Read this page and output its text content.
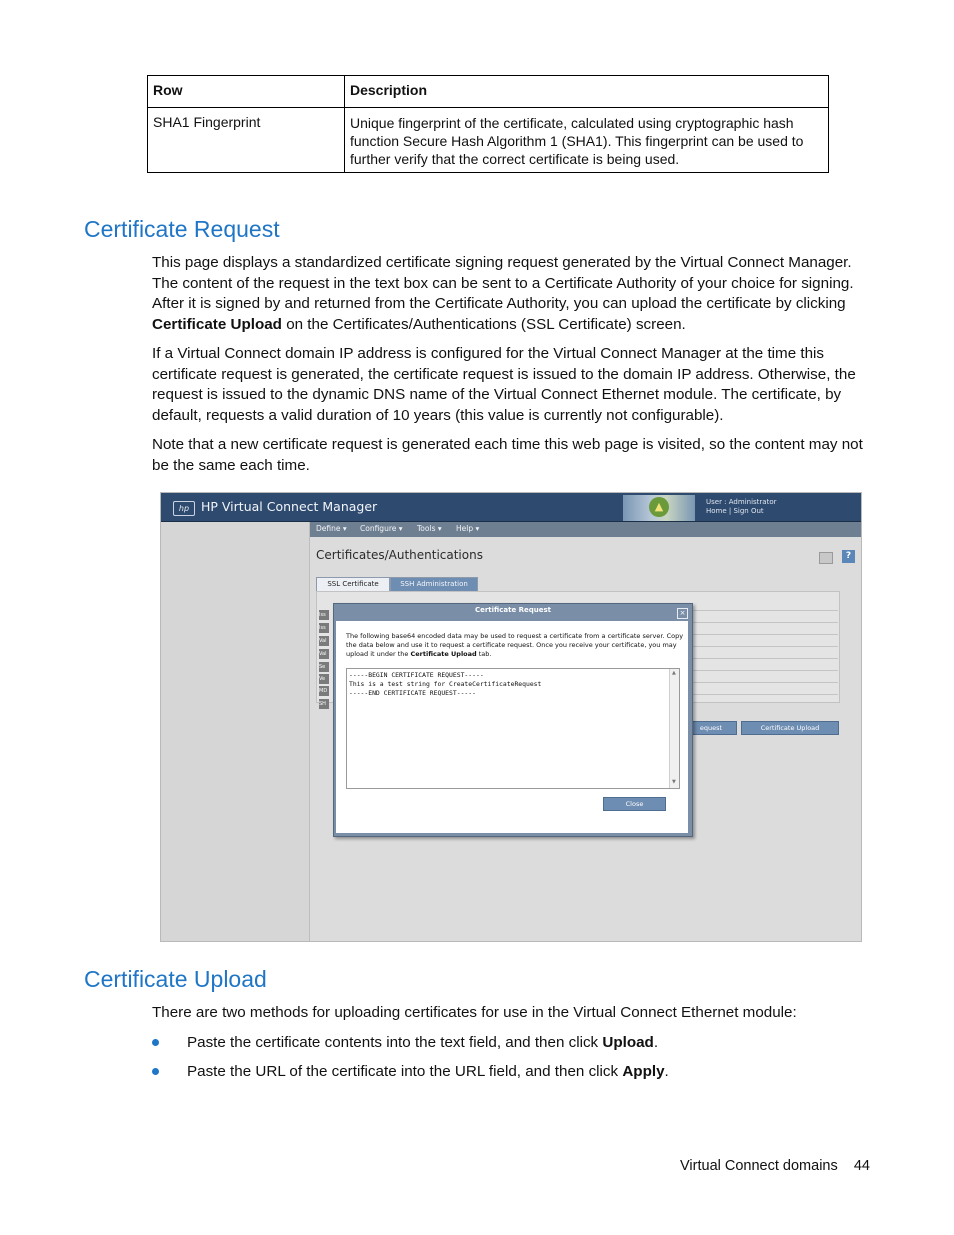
Row	Description
SHA1 Fingerprint	Unique fingerprint of the certificate, calculated using cryptographic hash function Secure Hash Algorithm 1 (SHA1). This fingerprint can be used to further verify that the correct certificate is being used.
Certificate Request

This page displays a standardized certificate signing request generated by the Virtual Connect Manager. The content of the request in the text box can be sent to a Certificate Authority of your choice for signing. After it is signed by and returned from the Certificate Authority, you can upload the certificate by clicking Certificate Upload on the Certificates/Authentications (SSL Certificate) screen.

If a Virtual Connect domain IP address is configured for the Virtual Connect Manager at the time this certificate request is generated, the certificate request is issued to the domain IP address. Otherwise, the request is issued to the dynamic DNS name of the Virtual Connect Ethernet module. The certificate, by default, requests a valid duration of 10 years (this value is currently not configurable).

Note that a new certificate request is generated each time this web page is visited, so the content may not be the same each time.

hp HP Virtual Connect Manager	▲	User : Administrator
Home | Sign Out
Define ▾ Configure ▾ Tools ▾ Help ▾
Certificates/Authentications	?
SSL Certificate	SSH Administration
Iss
Iss
Val
Val
Se
Ve
MD
SH
equest	Certificate Upload
Certificate Request	×
The following base64 encoded data may be used to request a certificate from a certificate server. Copy the data below and use it to request a certificate request. Once you receive your certificate, you may upload it under the Certificate Upload tab.
-----BEGIN CERTIFICATE REQUEST-----
This is a test string for CreateCertificateRequest
-----END CERTIFICATE REQUEST-----
▲
▼
Close
Certificate Upload

There are two methods for uploading certificates for use in the Virtual Connect Ethernet module:

Paste the certificate contents into the text field, and then click Upload.
Paste the URL of the certificate into the URL field, and then click Apply.
Virtual Connect domains 44
